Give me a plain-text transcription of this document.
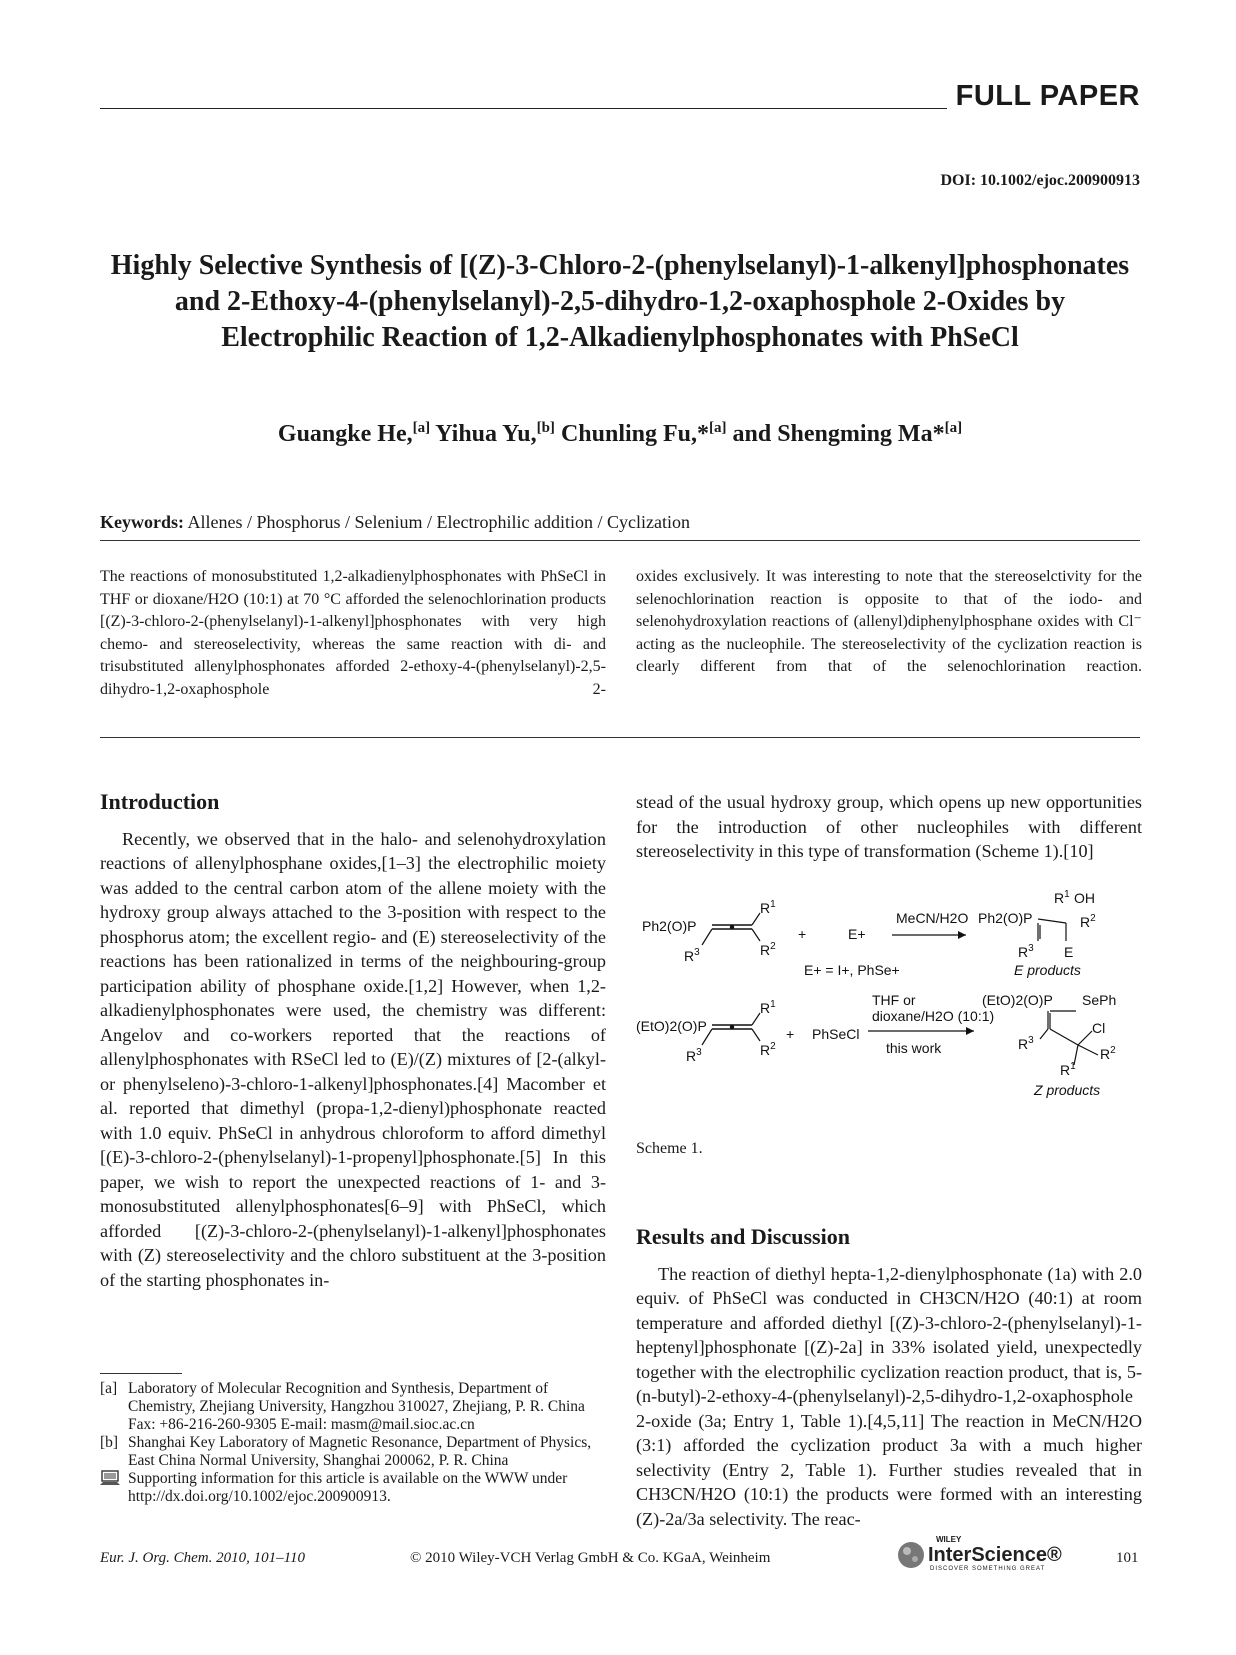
FULL PAPER
DOI: 10.1002/ejoc.200900913
Highly Selective Synthesis of [(Z)-3-Chloro-2-(phenylselanyl)-1-alkenyl]phosphonates and 2-Ethoxy-4-(phenylselanyl)-2,5-dihydro-1,2-oxaphosphole 2-Oxides by Electrophilic Reaction of 1,2-Alkadienylphosphonates with PhSeCl
Guangke He,[a] Yihua Yu,[b] Chunling Fu,*[a] and Shengming Ma*[a]
Keywords: Allenes / Phosphorus / Selenium / Electrophilic addition / Cyclization
The reactions of monosubstituted 1,2-alkadienylphosphonates with PhSeCl in THF or dioxane/H2O (10:1) at 70 °C afforded the selenochlorination products [(Z)-3-chloro-2-(phenylselanyl)-1-alkenyl]phosphonates with very high chemo- and stereoselectivity, whereas the same reaction with di- and trisubstituted allenylphosphonates afforded 2-ethoxy-4-(phenylselanyl)-2,5-dihydro-1,2-oxaphosphole 2-
oxides exclusively. It was interesting to note that the stereoselctivity for the selenochlorination reaction is opposite to that of the iodo- and selenohydroxylation reactions of (allenyl)diphenylphosphane oxides with Cl⁻ acting as the nucleophile. The stereoselectivity of the cyclization reaction is clearly different from that of the selenochlorination reaction.
Introduction

Recently, we observed that in the halo- and selenohydroxylation reactions of allenylphosphane oxides,[1–3] the electrophilic moiety was added to the central carbon atom of the allene moiety with the hydroxy group always attached to the 3-position with respect to the phosphorus atom; the excellent regio- and (E) stereoselectivity of the reactions has been rationalized in terms of the neighbouring-group participation ability of phosphane oxide.[1,2] However, when 1,2-alkadienylphosphonates were used, the chemistry was different: Angelov and co-workers reported that the reactions of allenylphosphonates with RSeCl led to (E)/(Z) mixtures of [2-(alkyl- or phenylseleno)-3-chloro-1-alkenyl]phosphonates.[4] Macomber et al. reported that dimethyl (propa-1,2-dienyl)phosphonate reacted with 1.0 equiv. PhSeCl in anhydrous chloroform to afford dimethyl [(E)-3-chloro-2-(phenylselanyl)-1-propenyl]phosphonate.[5] In this paper, we wish to report the unexpected reactions of 1- and 3-monosubstituted allenylphosphonates[6–9] with PhSeCl, which afforded [(Z)-3-chloro-2-(phenylselanyl)-1-alkenyl]phosphonates with (Z) stereoselectivity and the chloro substituent at the 3-position of the starting phosphonates in-

[a] Laboratory of Molecular Recognition and Synthesis, Department of Chemistry, Zhejiang University, Hangzhou 310027, Zhejiang, P. R. China Fax: +86-216-260-9305 E-mail: masm@mail.sioc.ac.cn
[b] Shanghai Key Laboratory of Magnetic Resonance, Department of Physics, East China Normal University, Shanghai 200062, P. R. China
Supporting information for this article is available on the WWW under http://dx.doi.org/10.1002/ejoc.200900913.

stead of the usual hydroxy group, which opens up new opportunities for the introduction of other nucleophiles with different stereoselectivity in this type of transformation (Scheme 1).[10]

Ph2(O)P
$R^3$
$R^1$
$R^2$
+	E+
E+ = I+, PhSe+
MeCN/H2O Ph2(O)P
$R^1$ OH
$R^2$
$R^3$ E
E products
(EtO)2(O)P
$R^3$
$R^1$
$R^2$
+ PhSeCl
THF or
dioxane/H2O (10:1)
this work
(EtO)2(O)P SePh
Cl
$R^3$
$R^2$
$R^1$
Z products
Scheme 1.
Results and Discussion

The reaction of diethyl hepta-1,2-dienylphosphonate (1a) with 2.0 equiv. of PhSeCl was conducted in CH3CN/H2O (40:1) at room temperature and afforded diethyl [(Z)-3-chloro-2-(phenylselanyl)-1-heptenyl]phosphonate [(Z)-2a] in 33% isolated yield, unexpectedly together with the electrophilic cyclization reaction product, that is, 5-(n-butyl)-2-ethoxy-4-(phenylselanyl)-2,5-dihydro-1,2-oxaphosphole 2-oxide (3a; Entry 1, Table 1).[4,5,11] The reaction in MeCN/H2O (3:1) afforded the cyclization product 3a with a much higher selectivity (Entry 2, Table 1). Further studies revealed that in CH3CN/H2O (10:1) the products were formed with an interesting (Z)-2a/3a selectivity. The reac-

Eur. J. Org. Chem. 2010, 101–110	© 2010 Wiley-VCH Verlag GmbH & Co. KGaA, Weinheim
WILEY
InterScience®
DISCOVER SOMETHING GREAT
101
